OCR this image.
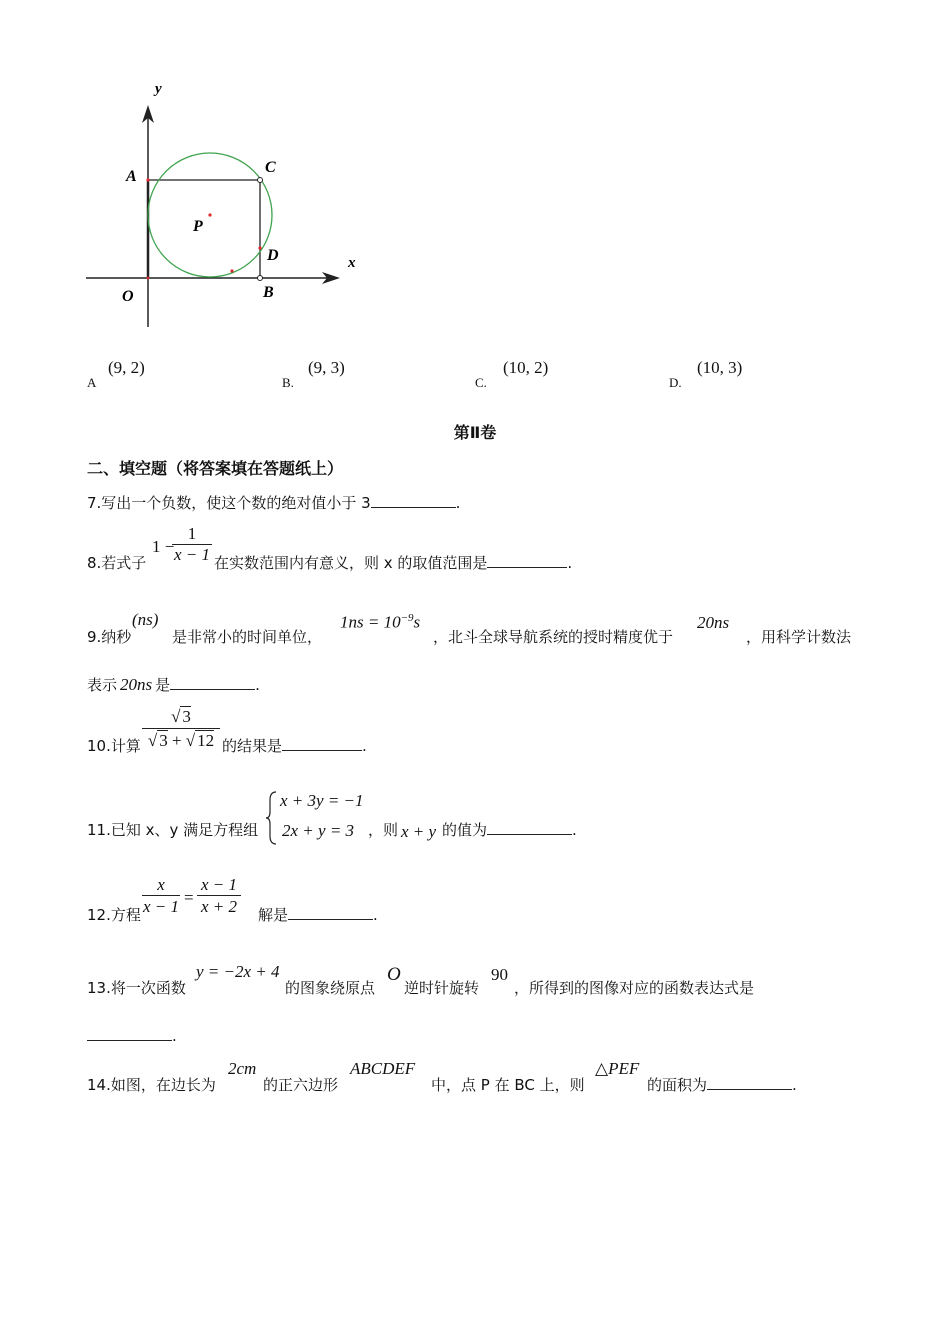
y
x
A
C
P
D
O	B
A
(9, 2)
B.
(9, 3)
C.
(10, 2)
D.
(10, 3)
第Ⅱ卷
二、填空题（将答案填在答题纸上）
7.写出一个负数，使这个数的绝对值小于 3	.
8.若式子
1 −
1
x − 1 在实数范围内有意义，则 x 的取值范围是	.
9.纳秒
(ns)
是非常小的时间单位，
$1ns = 10^{-9}s$
，北斗全球导航系统的授时精度优于
20ns
，用科学计数法
表示 20ns 是	.
10.计算
√ 3
√ 3 + √ 12 的结果是	.
11.已知 x、y 满足方程组
x + 3y = −1
2x + y = 3 ，则 x + y 的值为	.
12.方程
x
x − 1 =
x − 1
x + 2 解是	.
13.将一次函数
y = −2x + 4
的图象绕原点
O
逆时针旋转
90
，所得到的图像对应的函数表达式是
.
14.如图，在边长为
2cm
的正六边形
ABCDEF
中，点 P 在 BC 上，则
△PEF
的面积为	.
